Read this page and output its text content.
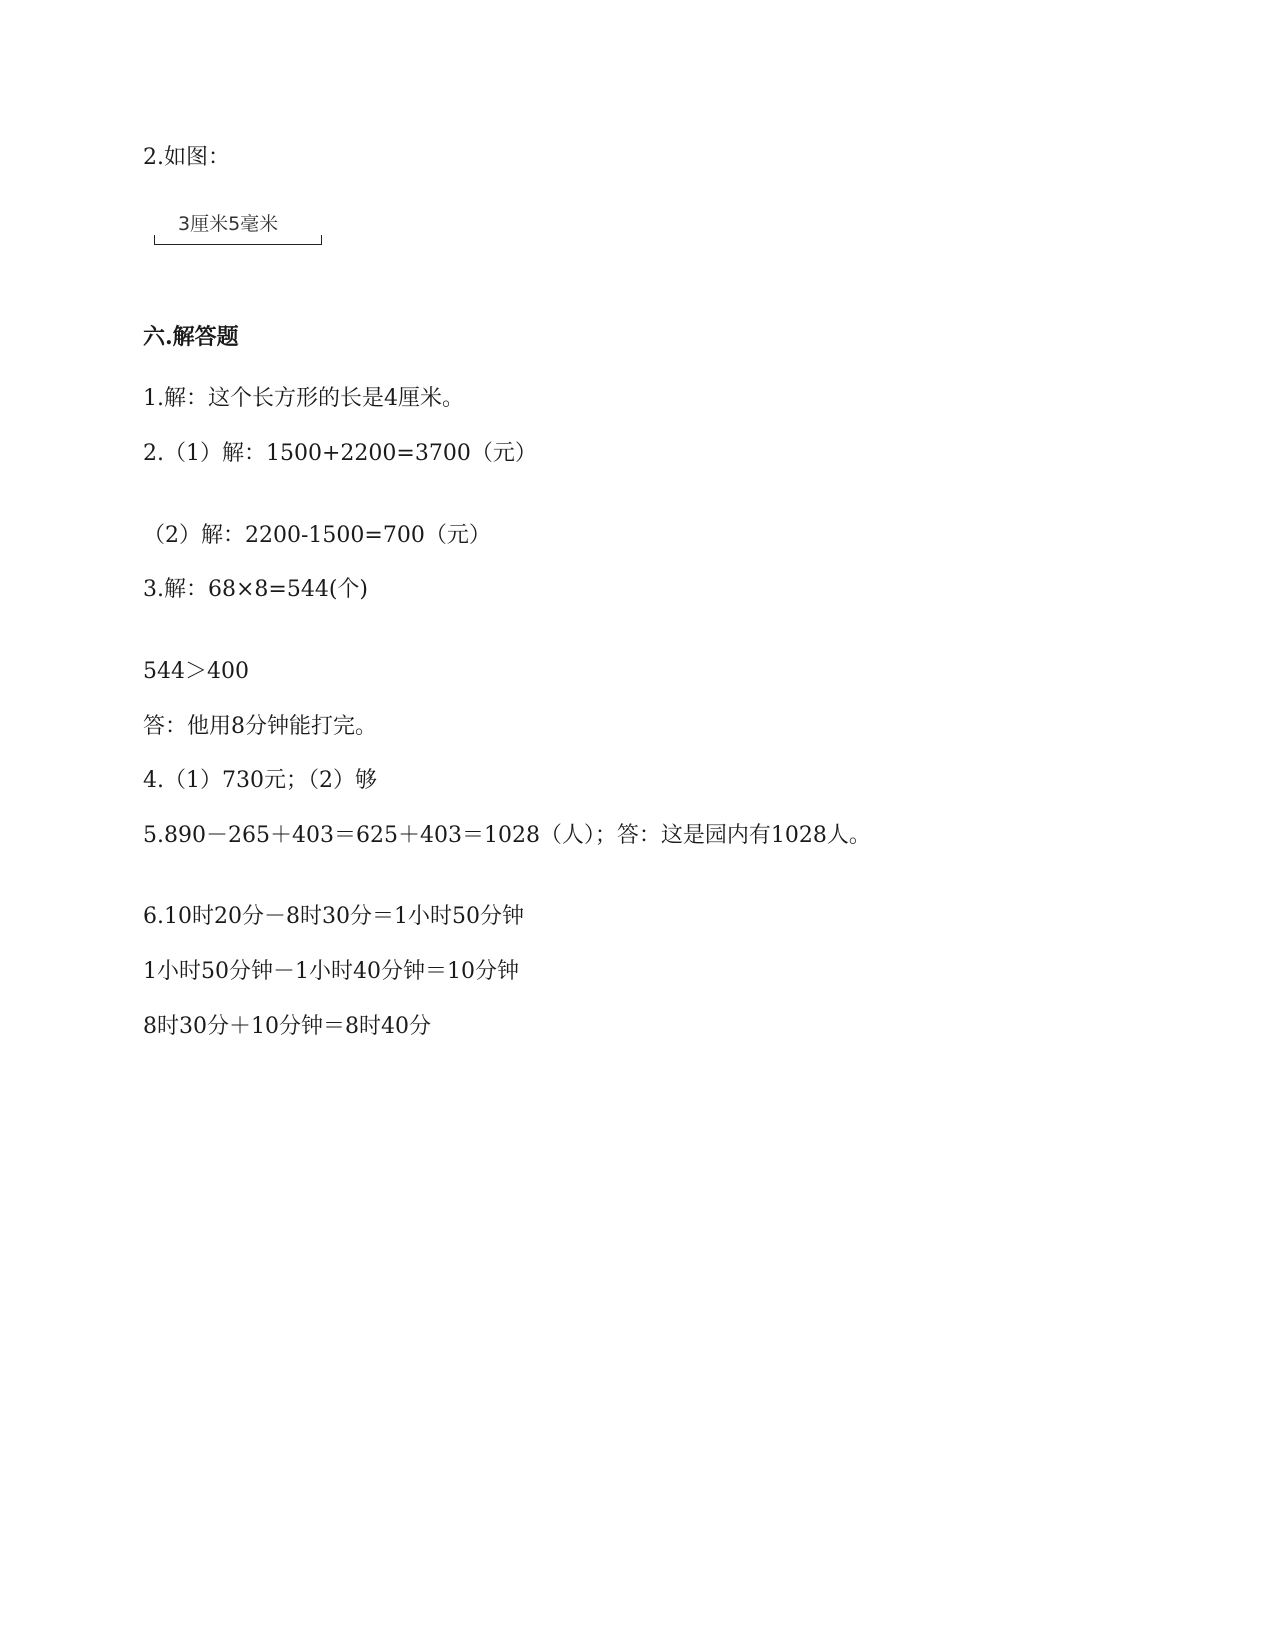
2.如图：
3厘米5毫米
六.解答题
1.解：这个长方形的长是4厘米。
2.（1）解：1500+2200=3700（元）
（2）解：2200-1500=700（元）
3.解：68×8=544(个)
544＞400
答：他用8分钟能打完。
4.（1）730元；（2）够
5.890－265＋403＝625＋403＝1028（人）；答：这是园内有1028人。
6.10时20分－8时30分＝1小时50分钟
1小时50分钟－1小时40分钟＝10分钟
8时30分＋10分钟＝8时40分
